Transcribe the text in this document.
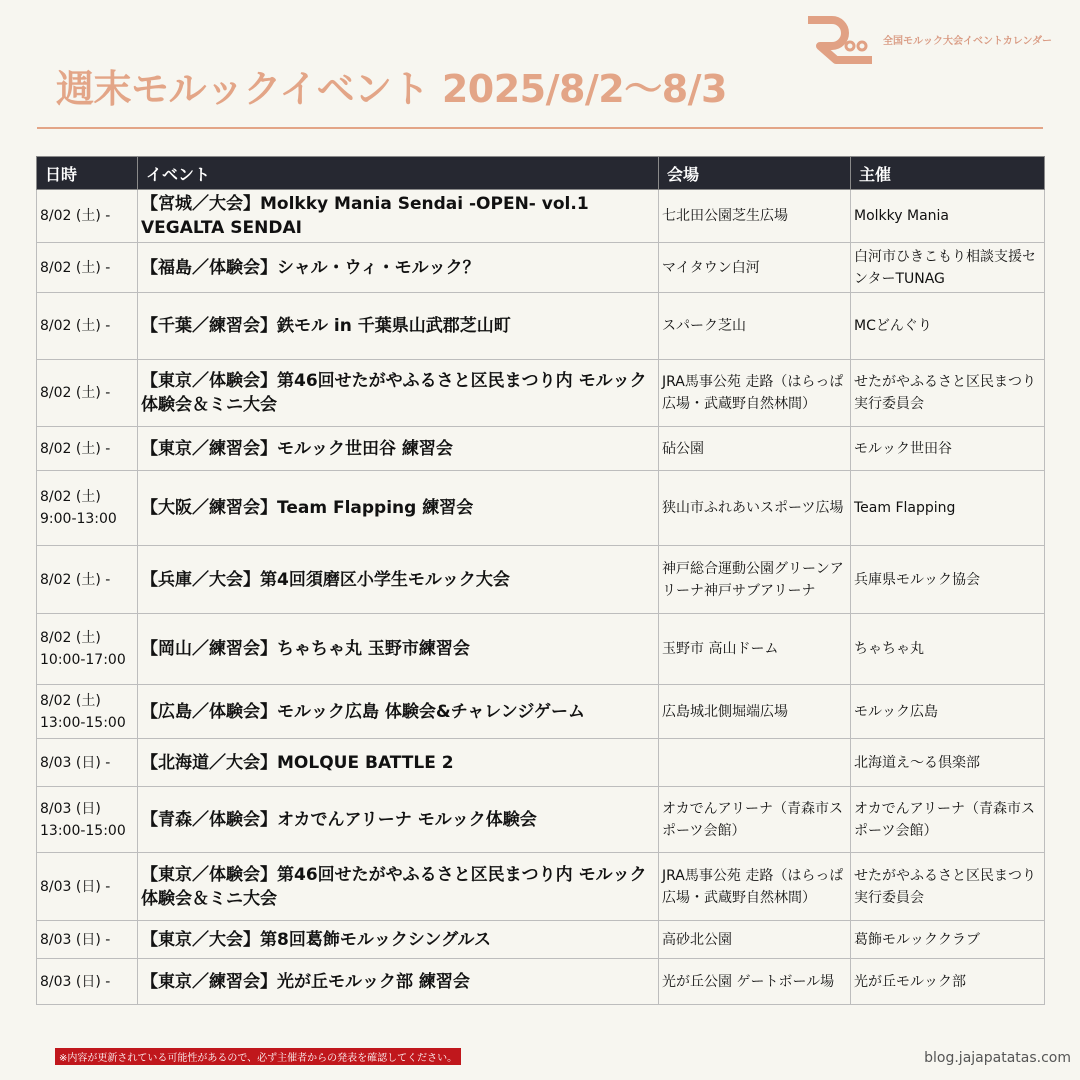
全国モルック大会イベントカレンダー
週末モルックイベント 2025/8/2〜8/3
日時	イベント	会場	主催
8/02 (土) -	【宮城／大会】Molkky Mania Sendai -OPEN- vol.1 VEGALTA SENDAI	七北田公園芝生広場	Molkky Mania
8/02 (土) -	【福島／体験会】シャル・ウィ・モルック？	マイタウン白河	白河市ひきこもり相談支援センターTUNAG
8/02 (土) -	【千葉／練習会】鉄モル in 千葉県山武郡芝山町	スパーク芝山	MCどんぐり
8/02 (土) -	【東京／体験会】第46回せたがやふるさと区民まつり内 モルック体験会＆ミニ大会	JRA馬事公苑 走路（はらっぱ広場・武蔵野自然林間）	せたがやふるさと区民まつり実行委員会
8/02 (土) -	【東京／練習会】モルック世田谷 練習会	砧公園	モルック世田谷
8/02 (土) 9:00-13:00	【大阪／練習会】Team Flapping 練習会	狭山市ふれあいスポーツ広場	Team Flapping
8/02 (土) -	【兵庫／大会】第4回須磨区小学生モルック大会	神戸総合運動公園グリーンアリーナ神戸サブアリーナ	兵庫県モルック協会
8/02 (土) 10:00-17:00	【岡山／練習会】ちゃちゃ丸 玉野市練習会	玉野市 高山ドーム	ちゃちゃ丸
8/02 (土) 13:00-15:00	【広島／体験会】モルック広島 体験会&チャレンジゲーム	広島城北側堀端広場	モルック広島
8/03 (日) -	【北海道／大会】MOLQUE BATTLE 2		北海道え〜る倶楽部
8/03 (日) 13:00-15:00	【青森／体験会】オカでんアリーナ モルック体験会	オカでんアリーナ（青森市スポーツ会館）	オカでんアリーナ（青森市スポーツ会館）
8/03 (日) -	【東京／体験会】第46回せたがやふるさと区民まつり内 モルック体験会＆ミニ大会	JRA馬事公苑 走路（はらっぱ広場・武蔵野自然林間）	せたがやふるさと区民まつり実行委員会
8/03 (日) -	【東京／大会】第8回葛飾モルックシングルス	高砂北公園	葛飾モルッククラブ
8/03 (日) -	【東京／練習会】光が丘モルック部 練習会	光が丘公園 ゲートボール場	光が丘モルック部
※内容が更新されている可能性があるので、必ず主催者からの発表を確認してください。	blog.jajapatatas.com
